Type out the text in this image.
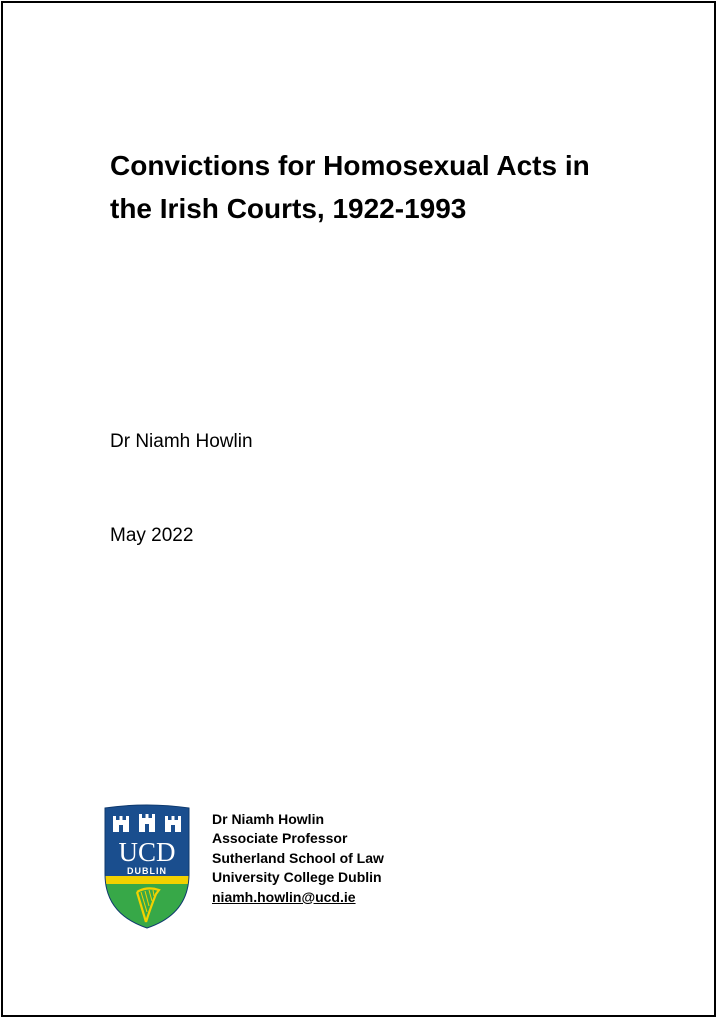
Convictions for Homosexual Acts in
the Irish Courts, 1922-1993
Dr Niamh Howlin
May 2022
UCD
DUBLIN
Dr Niamh Howlin
Associate Professor
Sutherland School of Law
University College Dublin
niamh.howlin@ucd.ie
